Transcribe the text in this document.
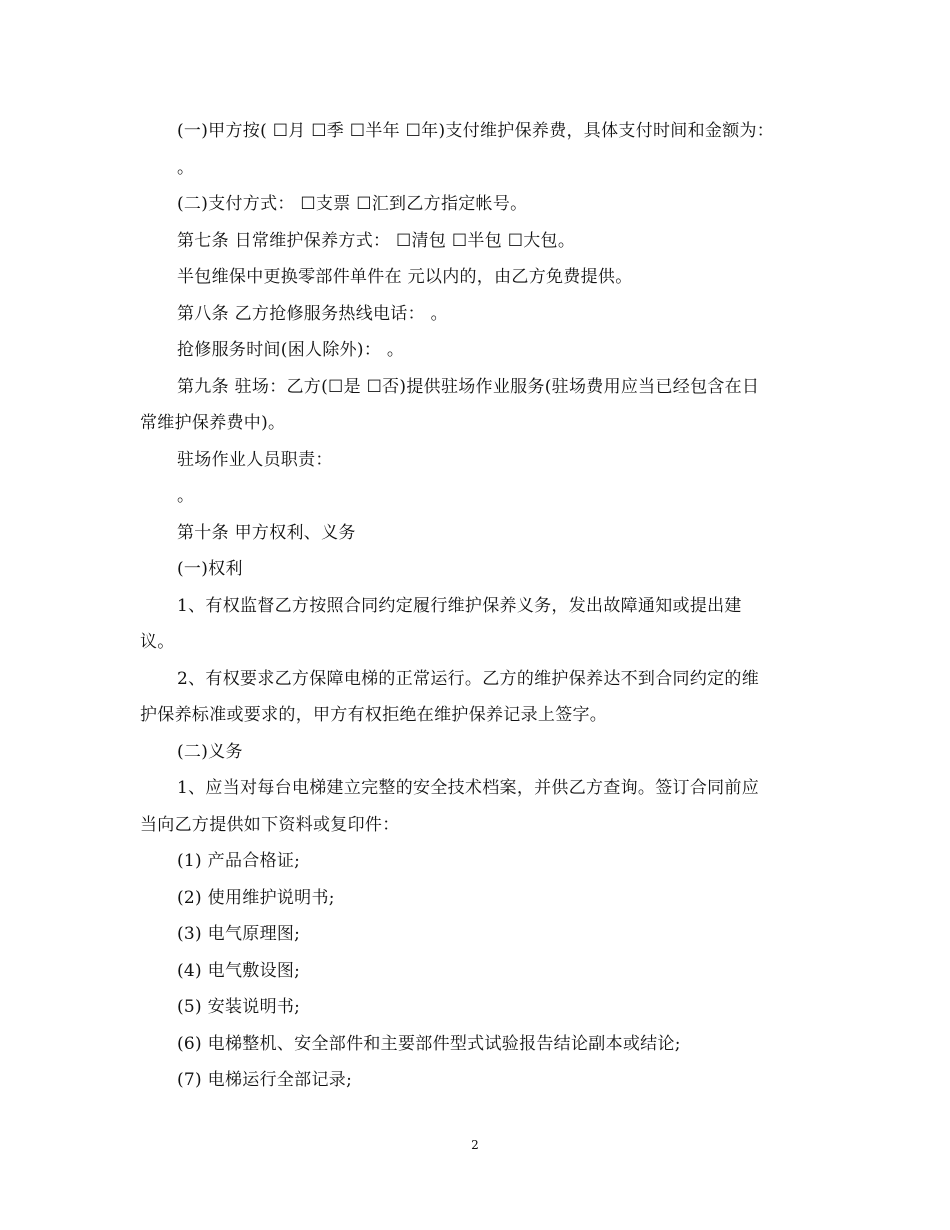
(一)甲方按( ☐月 ☐季 ☐半年 ☐年)支付维护保养费，具体支付时间和金额为：
。
(二)支付方式： ☐支票 ☐汇到乙方指定帐号。
第七条 日常维护保养方式： ☐清包 ☐半包 ☐大包。
半包维保中更换零部件单件在 元以内的，由乙方免费提供。
第八条 乙方抢修服务热线电话： 。
抢修服务时间(困人除外)： 。
第九条 驻场：乙方(☐是 ☐否)提供驻场作业服务(驻场费用应当已经包含在日
常维护保养费中)。
驻场作业人员职责：
。
第十条 甲方权利、义务
(一)权利
1、有权监督乙方按照合同约定履行维护保养义务，发出故障通知或提出建
议。
2、有权要求乙方保障电梯的正常运行。乙方的维护保养达不到合同约定的维
护保养标准或要求的，甲方有权拒绝在维护保养记录上签字。
(二)义务
1、应当对每台电梯建立完整的安全技术档案，并供乙方查询。签订合同前应
当向乙方提供如下资料或复印件：
(1) 产品合格证;
(2) 使用维护说明书;
(3) 电气原理图;
(4) 电气敷设图;
(5) 安装说明书;
(6) 电梯整机、安全部件和主要部件型式试验报告结论副本或结论;
(7) 电梯运行全部记录;
2
